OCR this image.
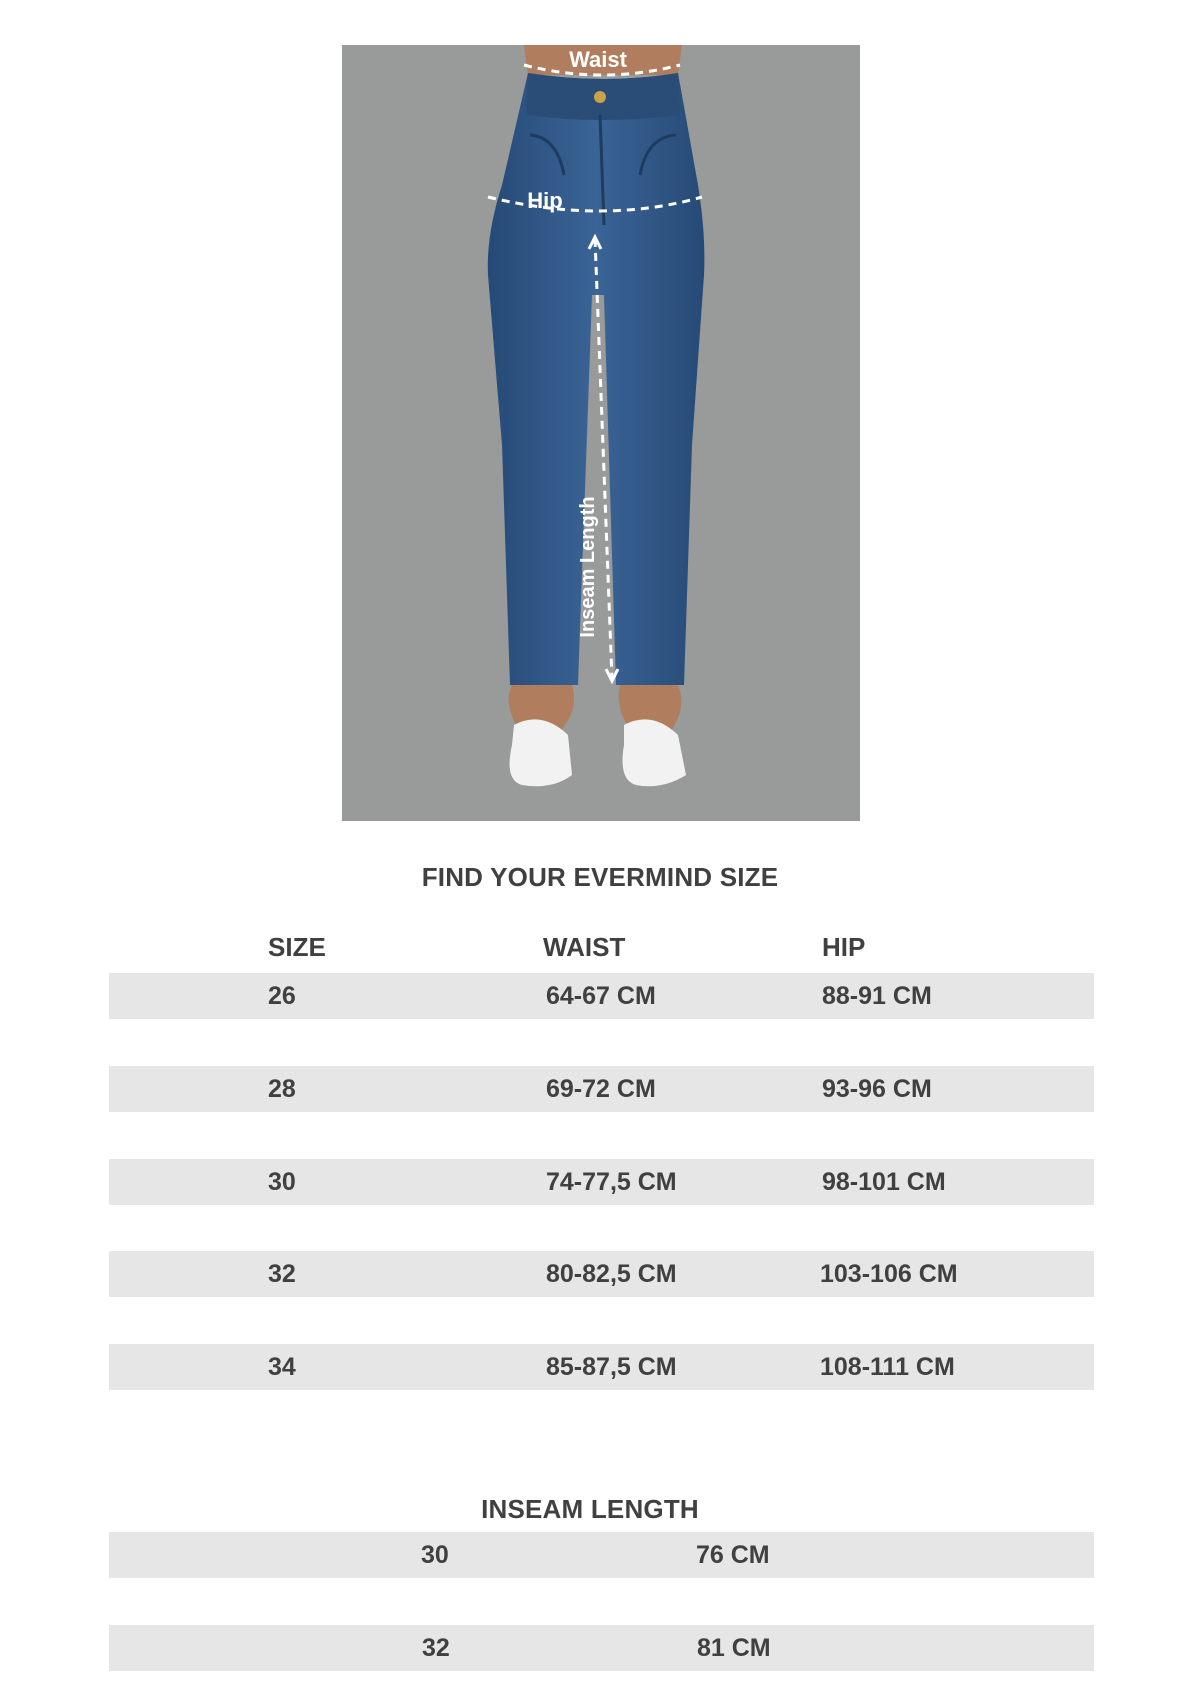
Waist
Hip
Inseam Length
FIND YOUR EVERMIND SIZE
SIZE	WAIST	HIP
26	64-67 CM	88-91 CM
28	69-72 CM	93-96 CM
30	74-77,5 CM	98-101 CM
32	80-82,5 CM	103-106 CM
34	85-87,5 CM	108-111 CM
INSEAM LENGTH
30	76 CM
32	81 CM
